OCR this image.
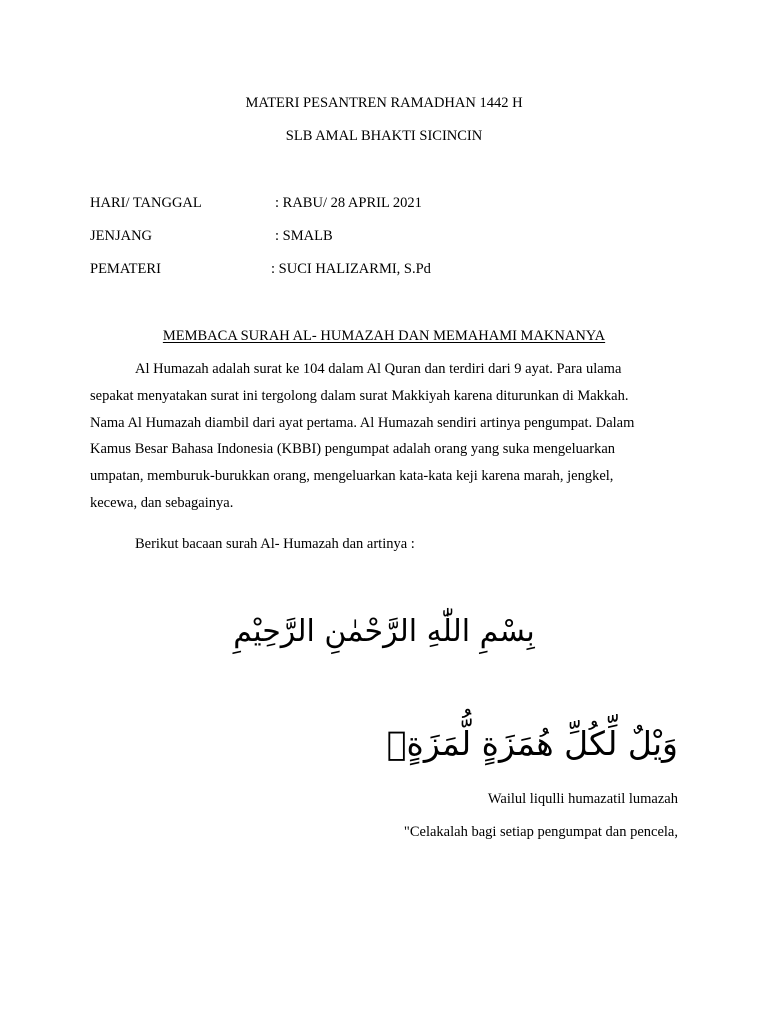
MATERI PESANTREN RAMADHAN 1442 H
SLB AMAL BHAKTI SICINCIN
HARI/ TANGGAL	: RABU/ 28 APRIL 2021
JENJANG	: SMALB
PEMATERI	: SUCI HALIZARMI, S.Pd
MEMBACA SURAH AL- HUMAZAH DAN MEMAHAMI MAKNANYA
Al Humazah adalah surat ke 104 dalam Al Quran dan terdiri dari 9 ayat. Para ulama
sepakat menyatakan surat ini tergolong dalam surat Makkiyah karena diturunkan di Makkah.
Nama Al Humazah diambil dari ayat pertama. Al Humazah sendiri artinya pengumpat. Dalam
Kamus Besar Bahasa Indonesia (KBBI) pengumpat adalah orang yang suka mengeluarkan
umpatan, memburuk-burukkan orang, mengeluarkan kata-kata keji karena marah, jengkel,
kecewa, dan sebagainya.
Berikut bacaan surah Al- Humazah dan artinya :
بِسْمِ اللّٰهِ الرَّحْمٰنِ الرَّحِيْمِ
وَيْلٌ لِّكُلِّ هُمَزَةٍ لُّمَزَةٍۙ
Wailul liqulli humazatil lumazah
"Celakalah bagi setiap pengumpat dan pencela,
